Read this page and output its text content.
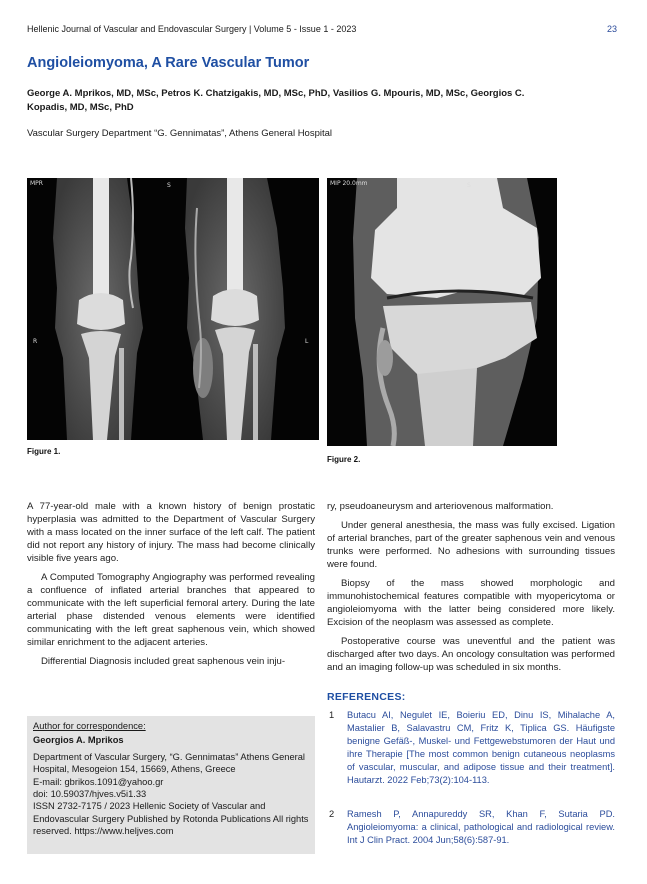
Hellenic Journal of Vascular and Endovascular Surgery | Volume 5 - Issue 1 - 2023	23
Angioleiomyoma, A Rare Vascular Tumor
George A. Mprikos, MD, MSc, Petros K. Chatzigakis, MD, MSc, PhD, Vasilios G. Mpouris, MD, MSc, Georgios C. Kopadis, MD, MSc, PhD
Vascular Surgery Department “G. Gennimatas”, Athens General Hospital
MPR	S
R	L
Figure 1.
MIP 20.0mm	S
Figure 2.

A 77-year-old male with a known history of benign prostatic hyperplasia was admitted to the Department of Vascular Surgery with a mass located on the inner surface of the left calf. The patient did not report any history of injury. The mass had become clinically visible five years ago.

A Computed Tomography Angiography was performed revealing a confluence of inflated arterial branches that appeared to communicate with the left superficial femoral artery. During the late arterial phase distended venous elements were identified communicating with the left great saphenous vein, which showed similar enrichment to the adjacent arteries.

Differential Diagnosis included great saphenous vein inju-

ry, pseudoaneurysm and arteriovenous malformation.

Under general anesthesia, the mass was fully excised. Ligation of arterial branches, part of the greater saphenous vein and venous trunks were performed. No adhesions with surrounding tissues were found.

Biopsy of the mass showed morphologic and immunohistochemical features compatible with myopericytoma or angioleiomyoma with the latter being considered more likely. Excision of the neoplasm was assessed as complete.

Postoperative course was uneventful and the patient was discharged after two days. An oncology consultation was performed and an imaging follow-up was scheduled in six months.

Author for correspondence:
Georgios A. Mprikos
Department of Vascular Surgery, “G. Gennimatas” Athens General Hospital, Mesogeion 154, 15669, Athens, Greece
E-mail: gbrikos.1091@yahoo.gr
doi: 10.59037/hjves.v5i1.33
ISSN 2732-7175 / 2023 Hellenic Society of Vascular and Endovascular Surgery Published by Rotonda Publications All rights reserved. https://www.heljves.com
REFERENCES:
1 Butacu AI, Negulet IE, Boieriu ED, Dinu IS, Mihalache A, Mastalier B, Salavastru CM, Fritz K, Tiplica GS. Häufigste benigne Gefäß-, Muskel- und Fettgewebstumoren der Haut und ihre Therapie [The most common benign cutaneous neoplasms of vascular, muscular, and adipose tissue and their treatment]. Hautarzt. 2022 Feb;73(2):104-113.
2 Ramesh P, Annapureddy SR, Khan F, Sutaria PD. Angioleiomyoma: a clinical, pathological and radiological review. Int J Clin Pract. 2004 Jun;58(6):587-91.
